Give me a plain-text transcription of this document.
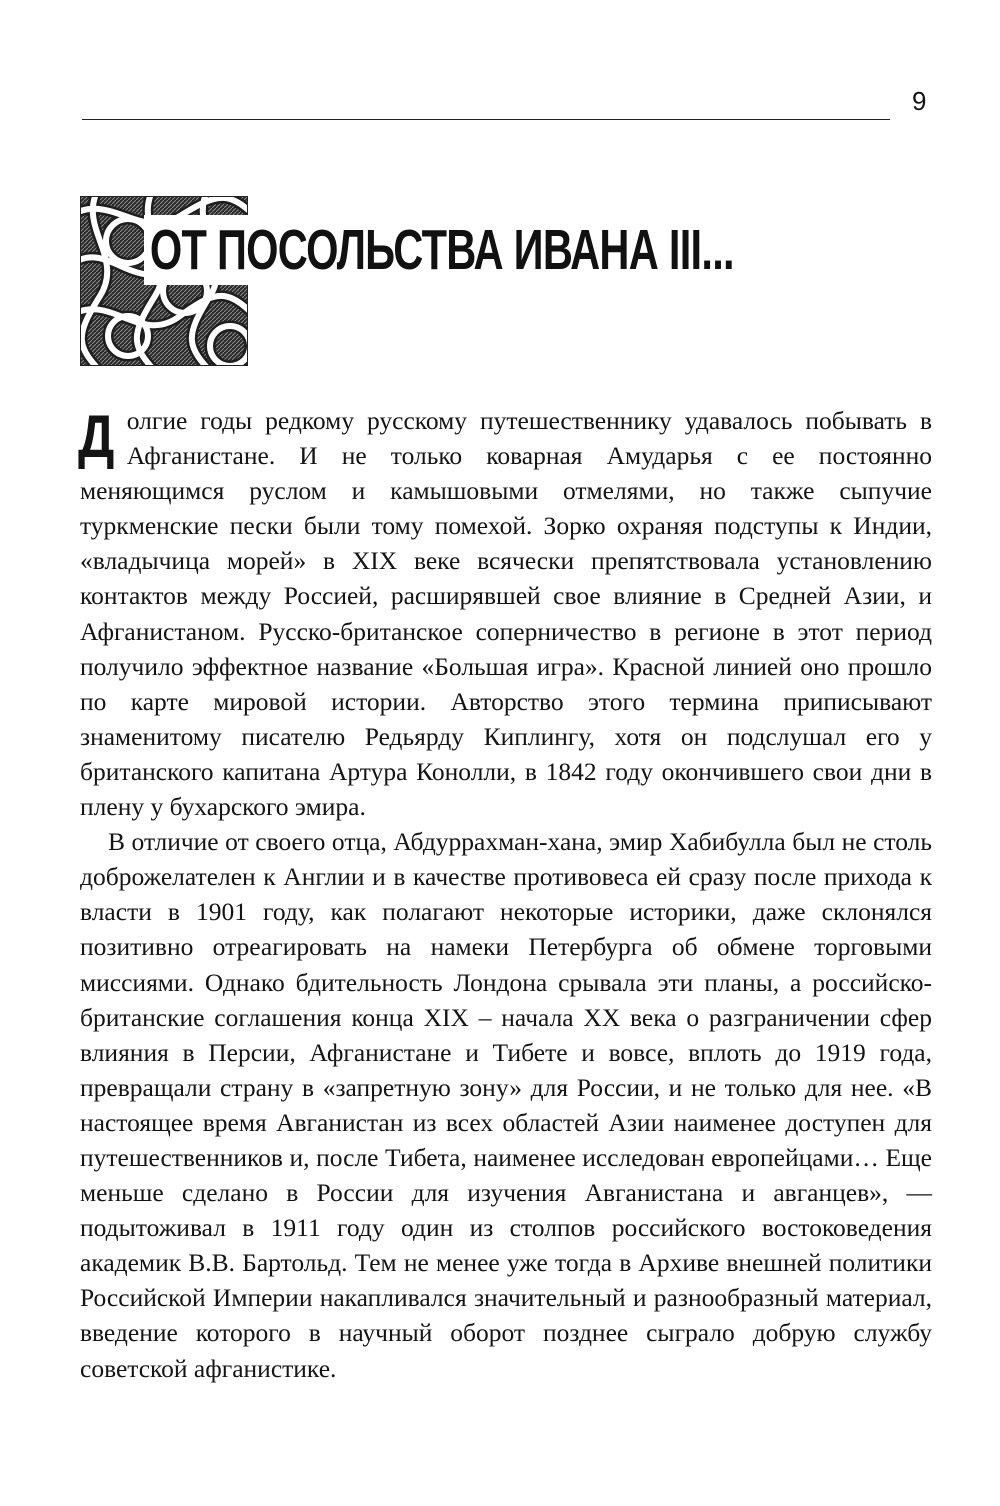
9
ОТ ПОСОЛЬСТВА ИВАНА III...

Долгие годы редкому русскому путешественнику удавалось побывать в Афганистане. И не только коварная Амударья с ее постоянно меняющимся руслом и камышовыми отмелями, но также сыпучие туркменские пески были тому помехой. Зорко охраняя подступы к Индии, «владычица морей» в XIX веке всячески препятствовала установлению контактов между Россией, расширявшей свое влияние в Средней Азии, и Афганистаном. Русско-британское соперничество в регионе в этот период получило эффектное название «Большая игра». Красной линией оно прошло по карте мировой истории. Авторство этого термина приписывают знаменитому писателю Редьярду Киплингу, хотя он подслушал его у британского капитана Артура Конолли, в 1842 году окончившего свои дни в плену у бухарского эмира.

В отличие от своего отца, Абдуррахман-хана, эмир Хабибулла был не столь доброжелателен к Англии и в качестве противовеса ей сразу после прихода к власти в 1901 году, как полагают некоторые историки, даже склонялся позитивно отреагировать на намеки Петербурга об обмене торговыми миссиями. Однако бдительность Лондона срывала эти планы, а российско-британские соглашения конца XIX – начала XX века о разграничении сфер влияния в Персии, Афганистане и Тибете и вовсе, вплоть до 1919 года, превращали страну в «запретную зону» для России, и не только для нее. «В настоящее время Авганистан из всех областей Азии наименее доступен для путешественников и, после Тибета, наименее исследован европейцами… Еще меньше сделано в России для изучения Авганистана и авганцев», — подытоживал в 1911 году один из столпов российского востоковедения академик В.В. Бартольд. Тем не менее уже тогда в Архиве внешней политики Российской Империи накапливался значительный и разнообразный материал, введение которого в научный оборот позднее сыграло добрую службу советской афганистике.
